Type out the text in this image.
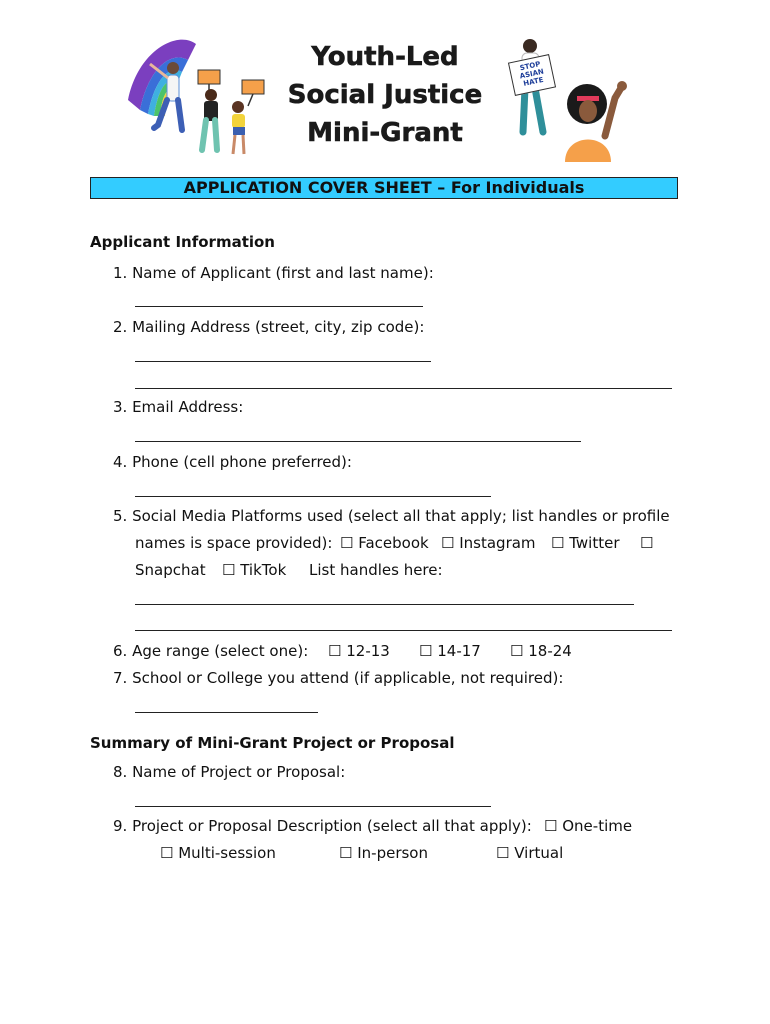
Youth-Led
Social Justice
Mini-Grant
STOP ASIAN HATE
APPLICATION COVER SHEET – For Individuals
Applicant Information
1. Name of Applicant (first and last name):
2. Mailing Address (street, city, zip code):
3. Email Address:
4. Phone (cell phone preferred):
5. Social Media Platforms used (select all that apply; list handles or profile
names is space provided): ☐ Facebook ☐ Instagram ☐ Twitter ☐
Snapchat ☐ TikTok List handles here:
6. Age range (select one): ☐ 12-13 ☐ 14-17 ☐ 18-24
7. School or College you attend (if applicable, not required):
Summary of Mini-Grant Project or Proposal
8. Name of Project or Proposal:
9. Project or Proposal Description (select all that apply): ☐ One-time
☐ Multi-session	☐ In-person	☐ Virtual
